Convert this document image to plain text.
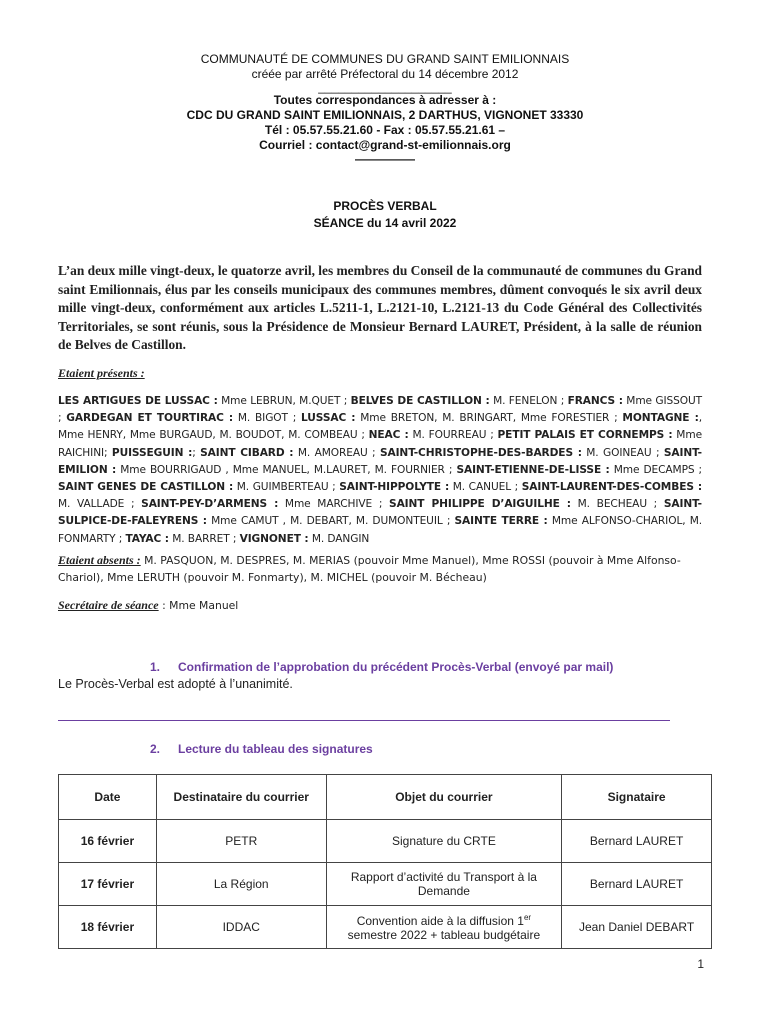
COMMUNAUTÉ DE COMMUNES DU GRAND SAINT EMILIONNAIS
créée par arrêté Préfectoral du 14 décembre 2012
____________________
Toutes correspondances à adresser à :
CDC DU GRAND SAINT EMILIONNAIS, 2 DARTHUS, VIGNONET 33330
Tél : 05.57.55.21.60 - Fax : 05.57.55.21.61 –
Courriel : contact@grand-st-emilionnais.org
—————
PROCÈS VERBAL
SÉANCE du 14 avril 2022
L’an deux mille vingt-deux, le quatorze avril, les membres du Conseil de la communauté de communes du Grand saint Emilionnais, élus par les conseils municipaux des communes membres, dûment convoqués le six avril deux mille vingt-deux, conformément aux articles L.5211-1, L.2121-10, L.2121-13 du Code Général des Collectivités Territoriales, se sont réunis, sous la Présidence de Monsieur Bernard LAURET, Président, à la salle de réunion de Belves de Castillon.
Etaient présents :
LES ARTIGUES DE LUSSAC : Mme LEBRUN, M.QUET ; BELVES DE CASTILLON : M. FENELON ; FRANCS : Mme GISSOUT ; GARDEGAN ET TOURTIRAC : M. BIGOT ; LUSSAC : Mme BRETON, M. BRINGART, Mme FORESTIER ; MONTAGNE :, Mme HENRY, Mme BURGAUD, M. BOUDOT, M. COMBEAU ; NEAC : M. FOURREAU ; PETIT PALAIS ET CORNEMPS : Mme RAICHINI; PUISSEGUIN :; SAINT CIBARD : M. AMOREAU ; SAINT-CHRISTOPHE-DES-BARDES : M. GOINEAU ; SAINT-EMILION : Mme BOURRIGAUD , Mme MANUEL, M.LAURET, M. FOURNIER ; SAINT-ETIENNE-DE-LISSE : Mme DECAMPS ; SAINT GENES DE CASTILLON : M. GUIMBERTEAU ; SAINT-HIPPOLYTE : M. CANUEL ; SAINT-LAURENT-DES-COMBES : M. VALLADE ; SAINT-PEY-D’ARMENS : Mme MARCHIVE ; SAINT PHILIPPE D’AIGUILHE : M. BECHEAU ; SAINT-SULPICE-DE-FALEYRENS : Mme CAMUT , M. DEBART, M. DUMONTEUIL ; SAINTE TERRE : Mme ALFONSO-CHARIOL, M. FONMARTY ; TAYAC : M. BARRET ; VIGNONET : M. DANGIN
Etaient absents : M. PASQUON, M. DESPRES, M. MERIAS (pouvoir Mme Manuel), Mme ROSSI (pouvoir à Mme Alfonso-Chariol), Mme LERUTH (pouvoir M. Fonmarty), M. MICHEL (pouvoir M. Bécheau)
Secrétaire de séance : Mme Manuel
1. Confirmation de l’approbation du précédent Procès-Verbal (envoyé par mail)
Le Procès-Verbal est adopté à l’unanimité.
2. Lecture du tableau des signatures
Date	Destinataire du courrier	Objet du courrier	Signataire
16 février	PETR	Signature du CRTE	Bernard LAURET
17 février	La Région	Rapport d’activité du Transport à la Demande	Bernard LAURET
18 février	IDDAC	Convention aide à la diffusion 1er
semestre 2022 + tableau budgétaire	Jean Daniel DEBART
1
